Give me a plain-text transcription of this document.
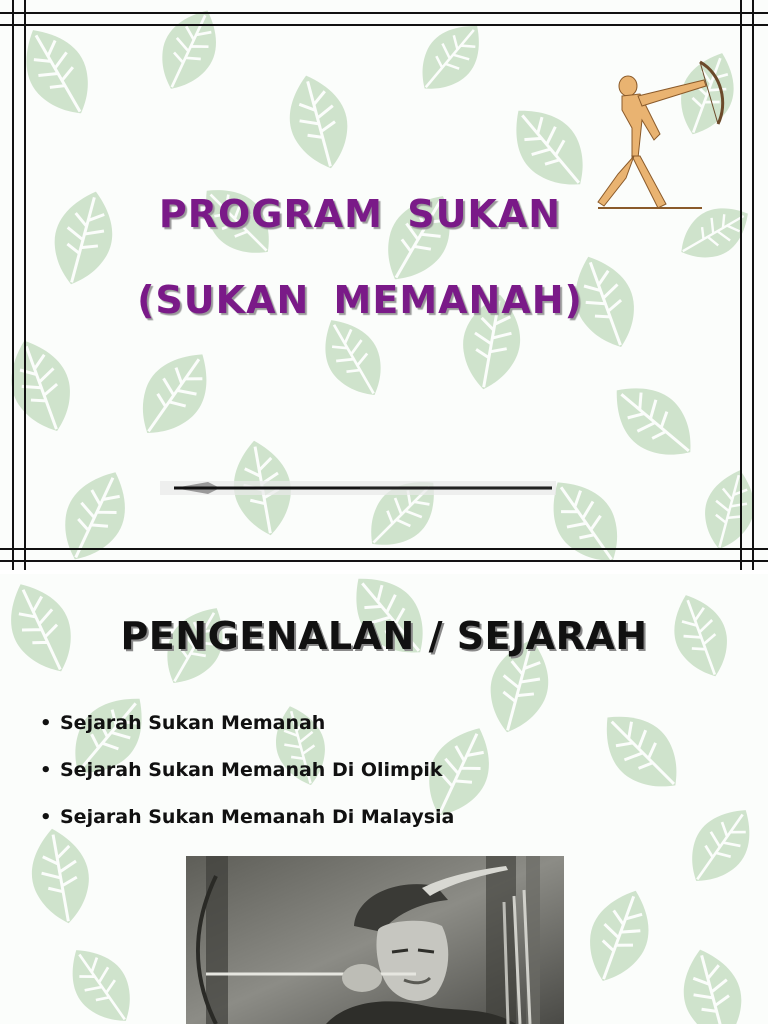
PROGRAM SUKAN
(SUKAN MEMANAH)
PENGENALAN / SEJARAH
• Sejarah Sukan Memanah
• Sejarah Sukan Memanah Di Olimpik
• Sejarah Sukan Memanah Di Malaysia
